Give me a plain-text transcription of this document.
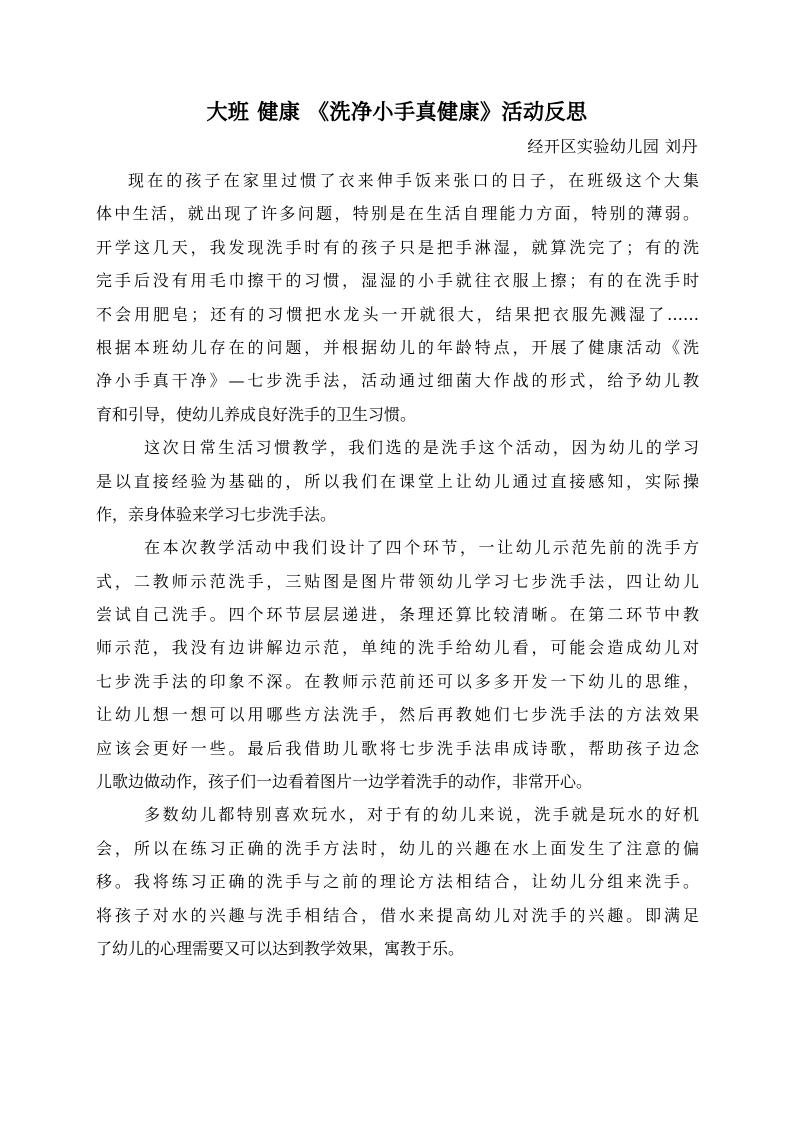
大班 健康 《洗净小手真健康》活动反思
经开区实验幼儿园 刘丹
现在的孩子在家里过惯了衣来伸手饭来张口的日子，在班级这个大集
体中生活，就出现了许多问题，特别是在生活自理能力方面，特别的薄弱。
开学这几天，我发现洗手时有的孩子只是把手淋湿，就算洗完了；有的洗
完手后没有用毛巾擦干的习惯，湿湿的小手就往衣服上擦；有的在洗手时
不会用肥皂；还有的习惯把水龙头一开就很大，结果把衣服先溅湿了……
根据本班幼儿存在的问题，并根据幼儿的年龄特点，开展了健康活动《洗
净小手真干净》—七步洗手法，活动通过细菌大作战的形式，给予幼儿教
育和引导，使幼儿养成良好洗手的卫生习惯。
这次日常生活习惯教学，我们选的是洗手这个活动，因为幼儿的学习
是以直接经验为基础的，所以我们在课堂上让幼儿通过直接感知，实际操
作，亲身体验来学习七步洗手法。
在本次教学活动中我们设计了四个环节，一让幼儿示范先前的洗手方
式，二教师示范洗手，三贴图是图片带领幼儿学习七步洗手法，四让幼儿
尝试自己洗手。四个环节层层递进，条理还算比较清晰。在第二环节中教
师示范，我没有边讲解边示范，单纯的洗手给幼儿看，可能会造成幼儿对
七步洗手法的印象不深。在教师示范前还可以多多开发一下幼儿的思维，
让幼儿想一想可以用哪些方法洗手，然后再教她们七步洗手法的方法效果
应该会更好一些。最后我借助儿歌将七步洗手法串成诗歌，帮助孩子边念
儿歌边做动作，孩子们一边看着图片一边学着洗手的动作，非常开心。
多数幼儿都特别喜欢玩水，对于有的幼儿来说，洗手就是玩水的好机
会，所以在练习正确的洗手方法时，幼儿的兴趣在水上面发生了注意的偏
移。我将练习正确的洗手与之前的理论方法相结合，让幼儿分组来洗手。
将孩子对水的兴趣与洗手相结合，借水来提高幼儿对洗手的兴趣。即满足
了幼儿的心理需要又可以达到教学效果，寓教于乐。
